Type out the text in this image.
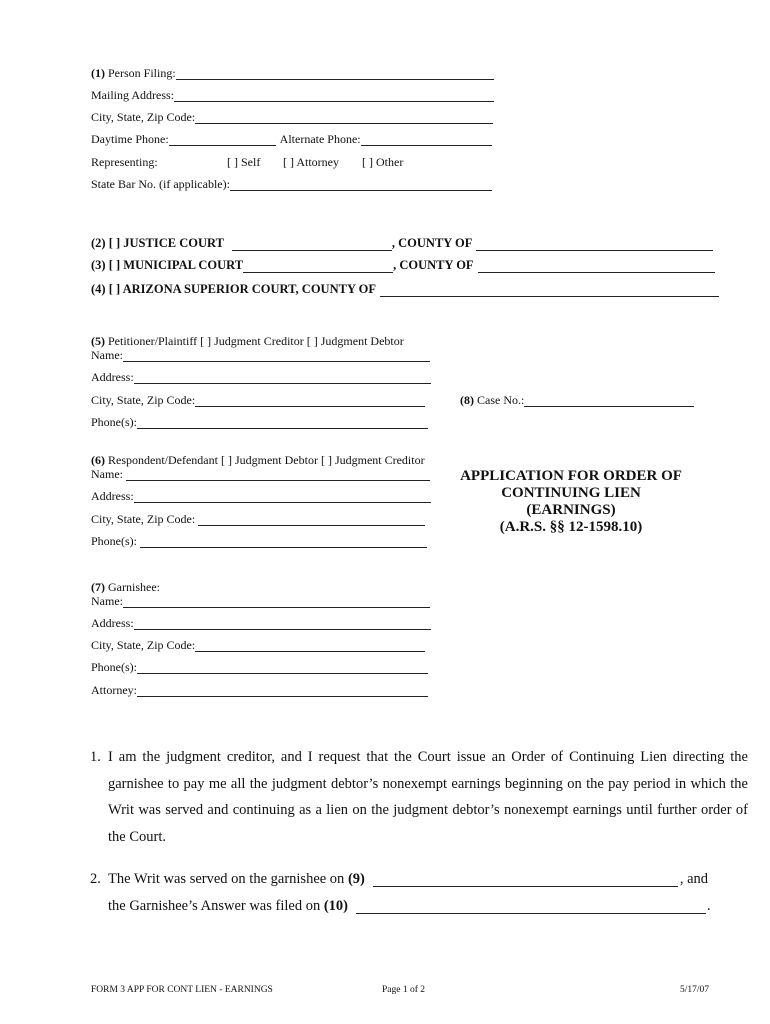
(1)
Person Filing:
Mailing Address:
City, State, Zip Code:
Daytime Phone:	Alternate Phone:
Representing:	[ ] Self [ ] Attorney [ ] Other
State Bar No. (if applicable):
(2)
[ ] JUSTICE COURT	, COUNTY OF
(3)
[ ] MUNICIPAL COURT	, COUNTY OF
(4)
[ ] ARIZONA SUPERIOR COURT, COUNTY OF
(5) Petitioner/Plaintiff [ ] Judgment Creditor [ ] Judgment Debtor
Name:
Address:
City, State, Zip Code:
Phone(s):
(8)
Case No.:
(6) Respondent/Defendant [ ] Judgment Debtor [ ] Judgment Creditor
Name:
Address:
City, State, Zip Code:
Phone(s):
APPLICATION FOR ORDER OF
CONTINUING LIEN
(EARNINGS)
(A.R.S. §§ 12-1598.10)
(7) Garnishee:
Name:
Address:
City, State, Zip Code:
Phone(s):
Attorney:
1. I am the judgment creditor, and I request that the Court issue an Order of Continuing Lien directing the garnishee to pay me all the judgment debtor’s nonexempt earnings beginning on the pay period in which the Writ was served and continuing as a lien on the judgment debtor’s nonexempt earnings until further order of the Court.
2. The Writ was served on the garnishee on
(9)	, and
the Garnishee’s Answer was filed on
(10)	.
FORM 3 APP FOR CONT LIEN - EARNINGS	Page 1 of 2	5/17/07
